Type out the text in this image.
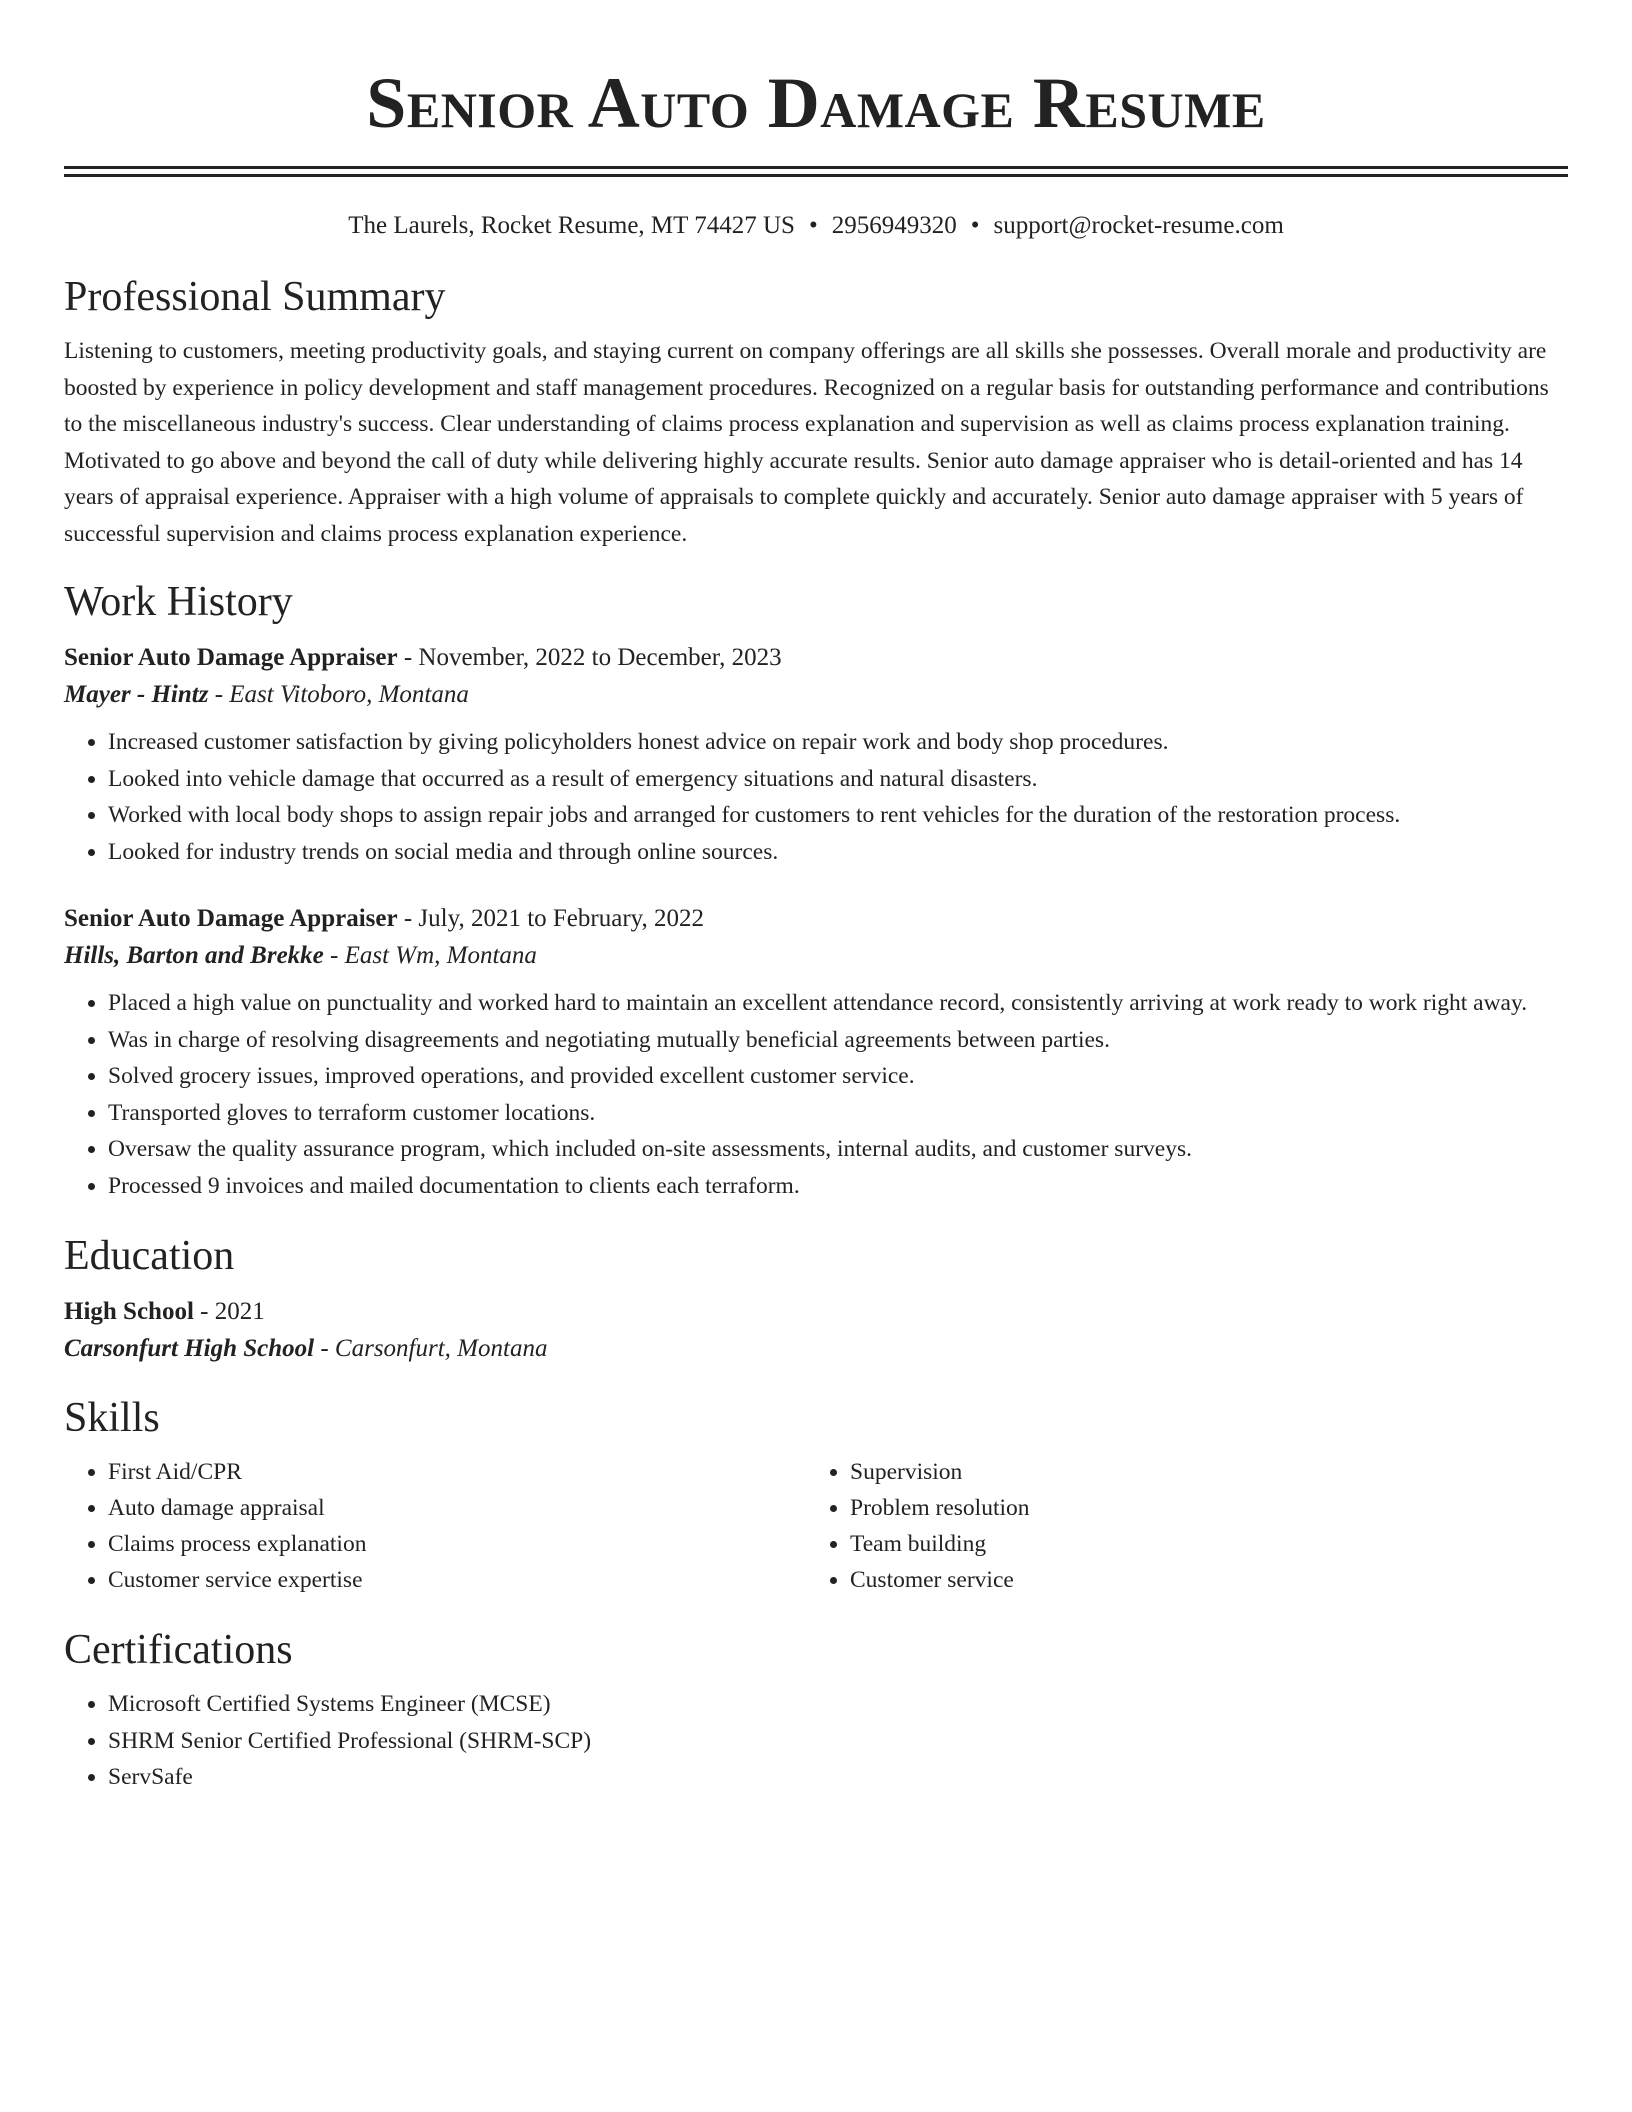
Senior Auto Damage Resume
The Laurels, Rocket Resume, MT 74427 US • 2956949320 • support@rocket-resume.com
Professional Summary

Listening to customers, meeting productivity goals, and staying current on company offerings are all skills she possesses. Overall morale and productivity are boosted by experience in policy development and staff management procedures. Recognized on a regular basis for outstanding performance and contributions to the miscellaneous industry's success. Clear understanding of claims process explanation and supervision as well as claims process explanation training. Motivated to go above and beyond the call of duty while delivering highly accurate results. Senior auto damage appraiser who is detail-oriented and has 14 years of appraisal experience. Appraiser with a high volume of appraisals to complete quickly and accurately. Senior auto damage appraiser with 5 years of successful supervision and claims process explanation experience.

Work History
Senior Auto Damage Appraiser - November, 2022 to December, 2023
Mayer - Hintz - East Vitoboro, Montana
• Increased customer satisfaction by giving policyholders honest advice on repair work and body shop procedures.
• Looked into vehicle damage that occurred as a result of emergency situations and natural disasters.
• Worked with local body shops to assign repair jobs and arranged for customers to rent vehicles for the duration of the restoration process.
• Looked for industry trends on social media and through online sources.
Senior Auto Damage Appraiser - July, 2021 to February, 2022
Hills, Barton and Brekke - East Wm, Montana
• Placed a high value on punctuality and worked hard to maintain an excellent attendance record, consistently arriving at work ready to work right away.
• Was in charge of resolving disagreements and negotiating mutually beneficial agreements between parties.
• Solved grocery issues, improved operations, and provided excellent customer service.
• Transported gloves to terraform customer locations.
• Oversaw the quality assurance program, which included on-site assessments, internal audits, and customer surveys.
• Processed 9 invoices and mailed documentation to clients each terraform.
Education
High School - 2021
Carsonfurt High School - Carsonfurt, Montana
Skills
• First Aid/CPR
• Auto damage appraisal
• Claims process explanation
• Customer service expertise
• Supervision
• Problem resolution
• Team building
• Customer service
Certifications
• Microsoft Certified Systems Engineer (MCSE)
• SHRM Senior Certified Professional (SHRM-SCP)
• ServSafe
